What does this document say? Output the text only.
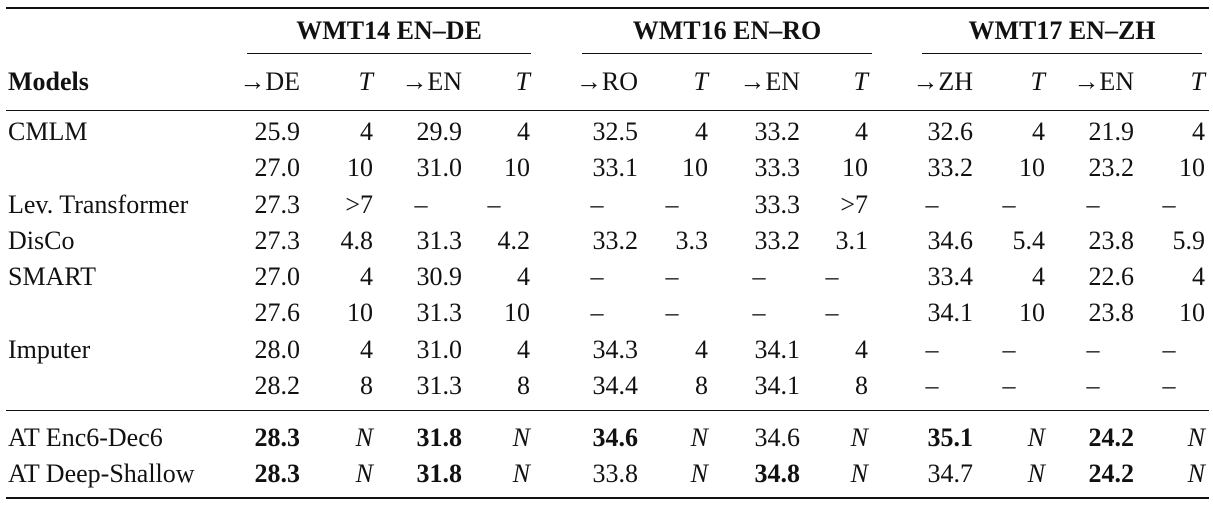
WMT14 EN–DE	WMT16 EN–RO	WMT17 EN–ZH
Models	→DE	T	→EN	T	→RO	T	→EN	T	→ZH	T	→EN	T
CMLM	25.9	4	29.9	4	32.5	4	33.2	4	32.6	4	21.9	4
27.0	10	31.0	10	33.1	10	33.3	10	33.2	10	23.2	10
Lev. Transformer	27.3	>7	–	–	–	–	33.3	>7	–	–	–	–
DisCo	27.3	4.8	31.3	4.2	33.2	3.3	33.2	3.1	34.6	5.4	23.8	5.9
SMART	27.0	4	30.9	4	–	–	–	–	33.4	4	22.6	4
27.6	10	31.3	10	–	–	–	–	34.1	10	23.8	10
Imputer	28.0	4	31.0	4	34.3	4	34.1	4	–	–	–	–
28.2	8	31.3	8	34.4	8	34.1	8	–	–	–	–
AT Enc6-Dec6	28.3	N	31.8	N	34.6	N	34.6	N	35.1	N	24.2	N
AT Deep-Shallow	28.3	N	31.8	N	33.8	N	34.8	N	34.7	N	24.2	N
